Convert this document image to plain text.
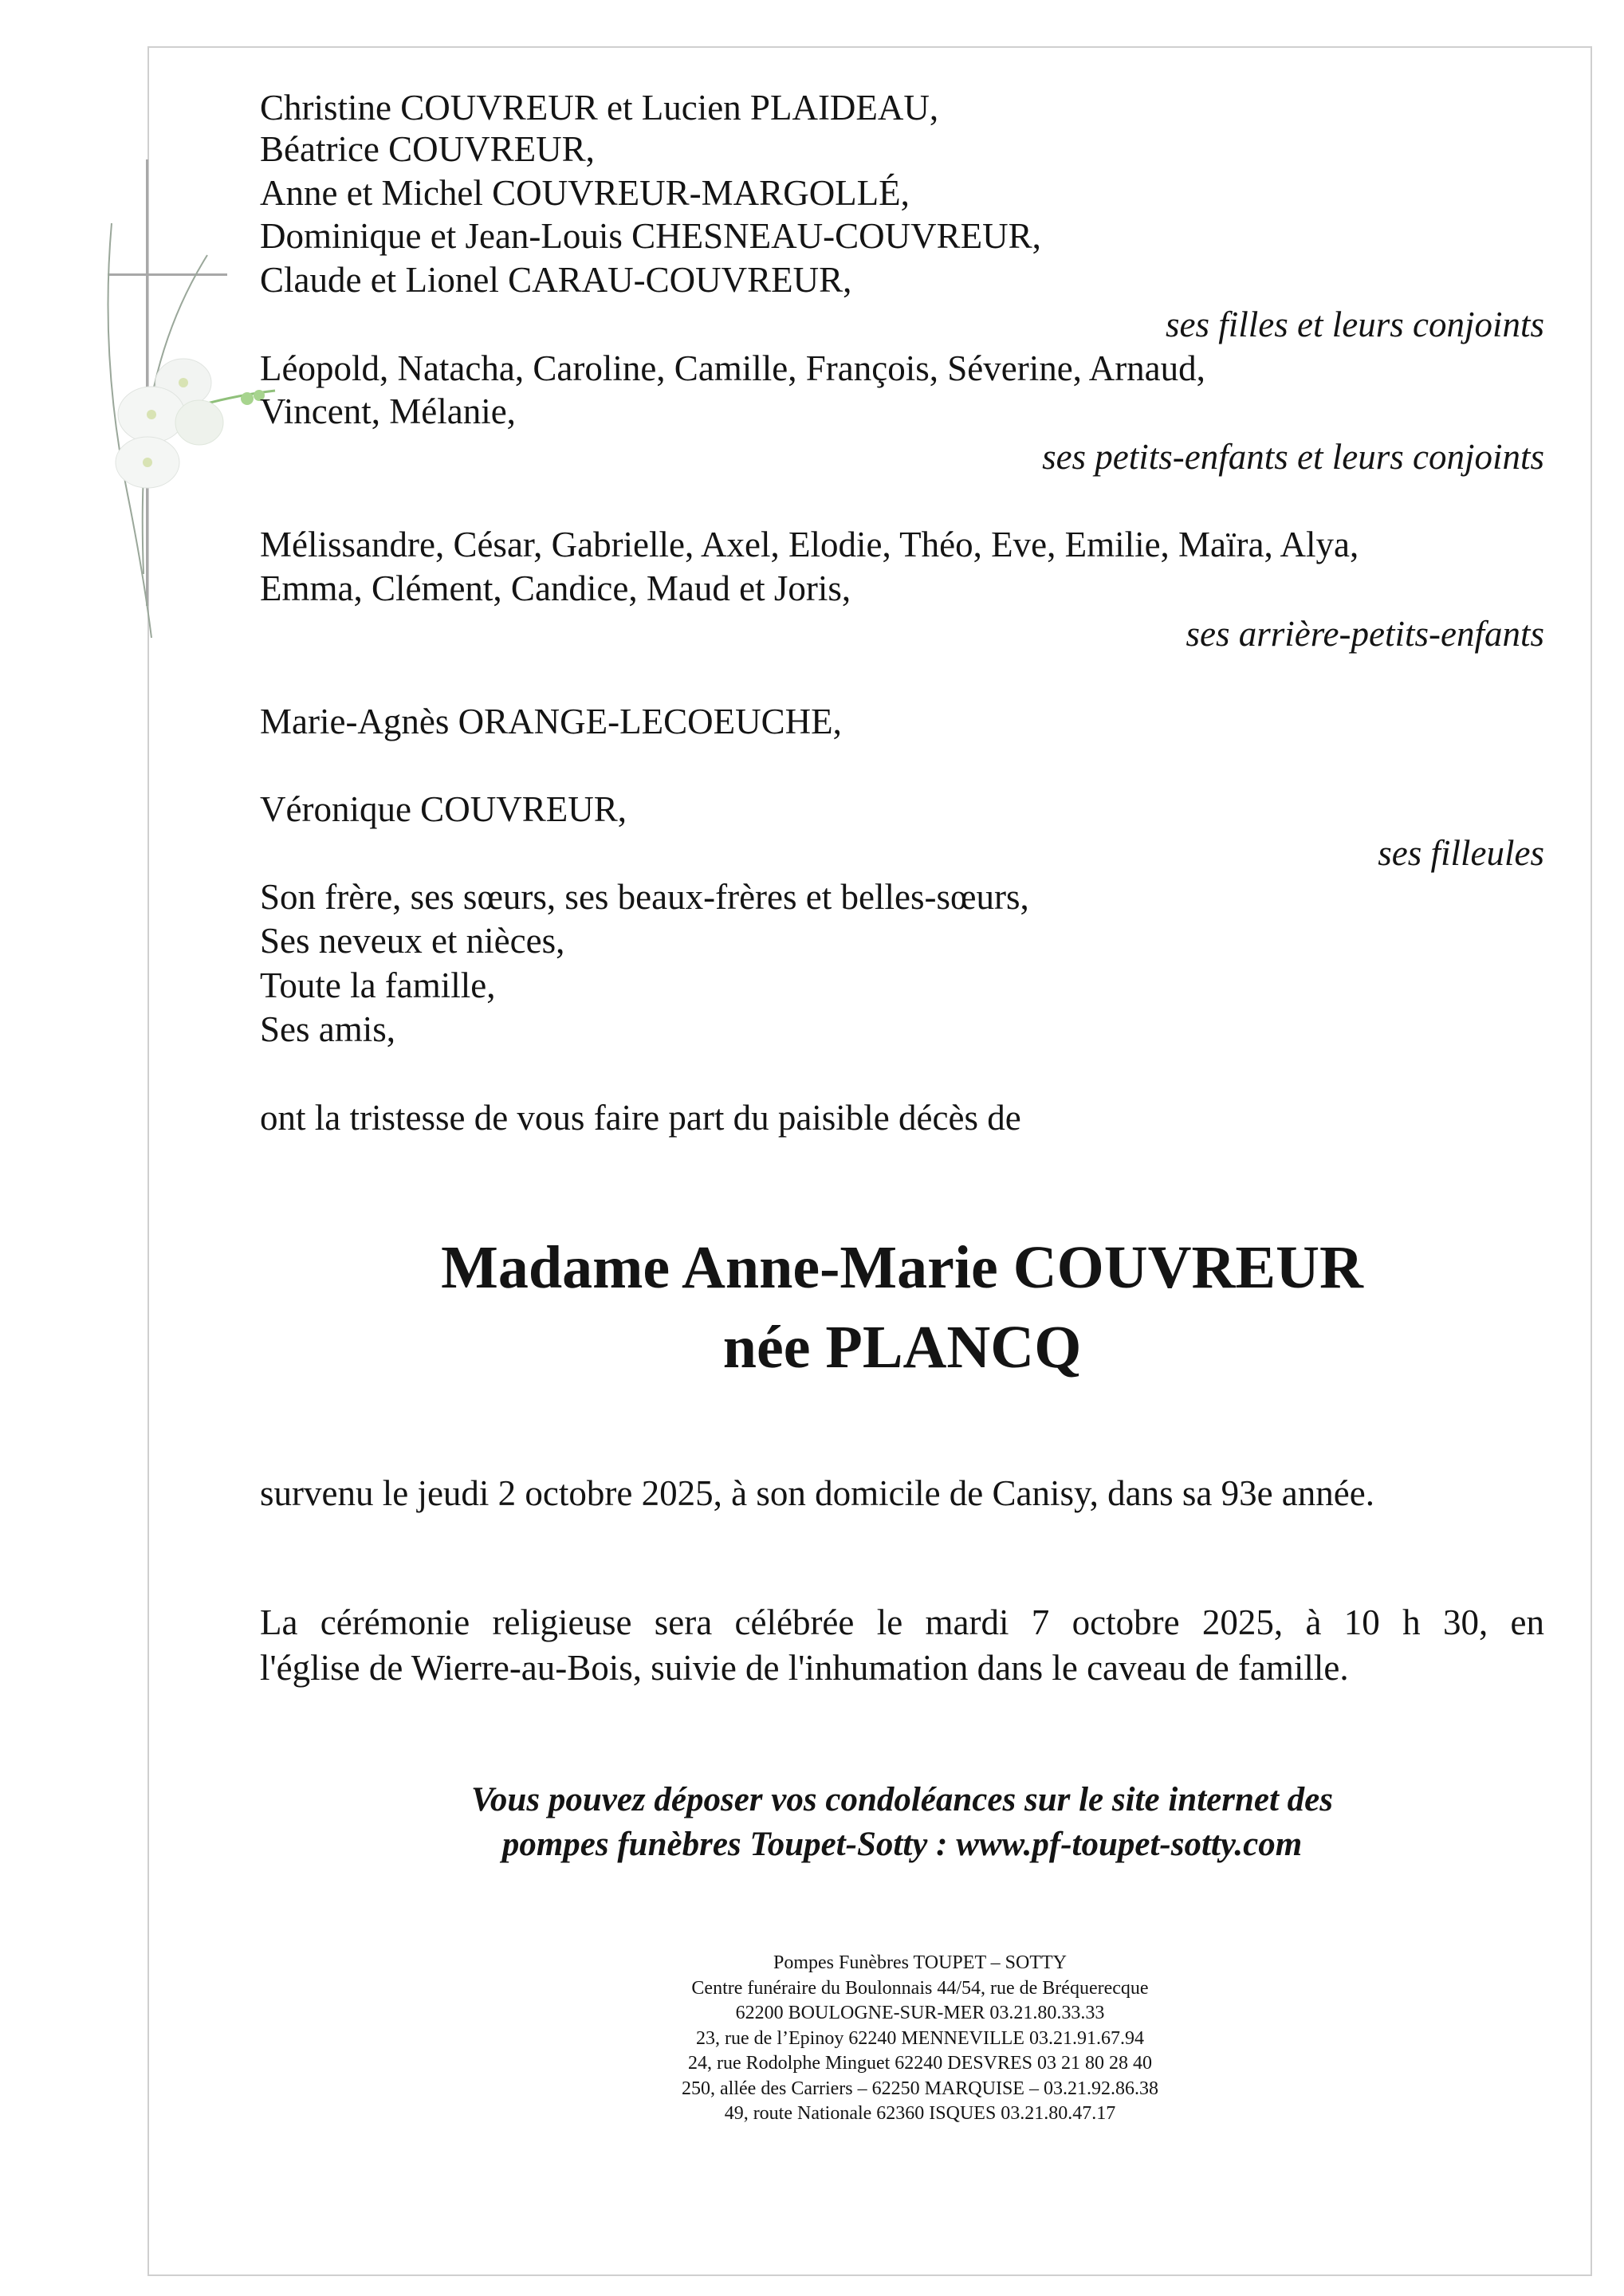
Christine COUVREUR et Lucien PLAIDEAU,
Béatrice COUVREUR,
Anne et Michel COUVREUR-MARGOLLÉ,
Dominique et Jean-Louis CHESNEAU-COUVREUR,
Claude et Lionel CARAU-COUVREUR,
ses filles et leurs conjoints
Léopold, Natacha, Caroline, Camille, François, Séverine, Arnaud,
Vincent, Mélanie,
ses petits-enfants et leurs conjoints
Mélissandre, César, Gabrielle, Axel, Elodie, Théo, Eve, Emilie, Maïra, Alya,
Emma, Clément, Candice, Maud et Joris,
ses arrière-petits-enfants
Marie-Agnès ORANGE-LECOEUCHE,
Véronique COUVREUR,
ses filleules
Son frère, ses sœurs, ses beaux-frères et belles-sœurs,
Ses neveux et nièces,
Toute la famille,
Ses amis,
ont la tristesse de vous faire part du paisible décès de
Madame Anne-Marie COUVREUR
née PLANCQ
survenu le jeudi 2 octobre 2025, à son domicile de Canisy, dans sa 93e année.
La cérémonie religieuse sera célébrée le mardi 7 octobre 2025, à 10 h 30, en
l'église de Wierre-au-Bois, suivie de l'inhumation dans le caveau de famille.
Vous pouvez déposer vos condoléances sur le site internet des
pompes funèbres Toupet-Sotty : www.pf-toupet-sotty.com
Pompes Funèbres TOUPET – SOTTY
Centre funéraire du Boulonnais 44/54, rue de Bréquerecque
62200 BOULOGNE-SUR-MER 03.21.80.33.33
23, rue de l’Epinoy 62240 MENNEVILLE 03.21.91.67.94
24, rue Rodolphe Minguet 62240 DESVRES 03 21 80 28 40
250, allée des Carriers – 62250 MARQUISE – 03.21.92.86.38
49, route Nationale 62360 ISQUES 03.21.80.47.17
